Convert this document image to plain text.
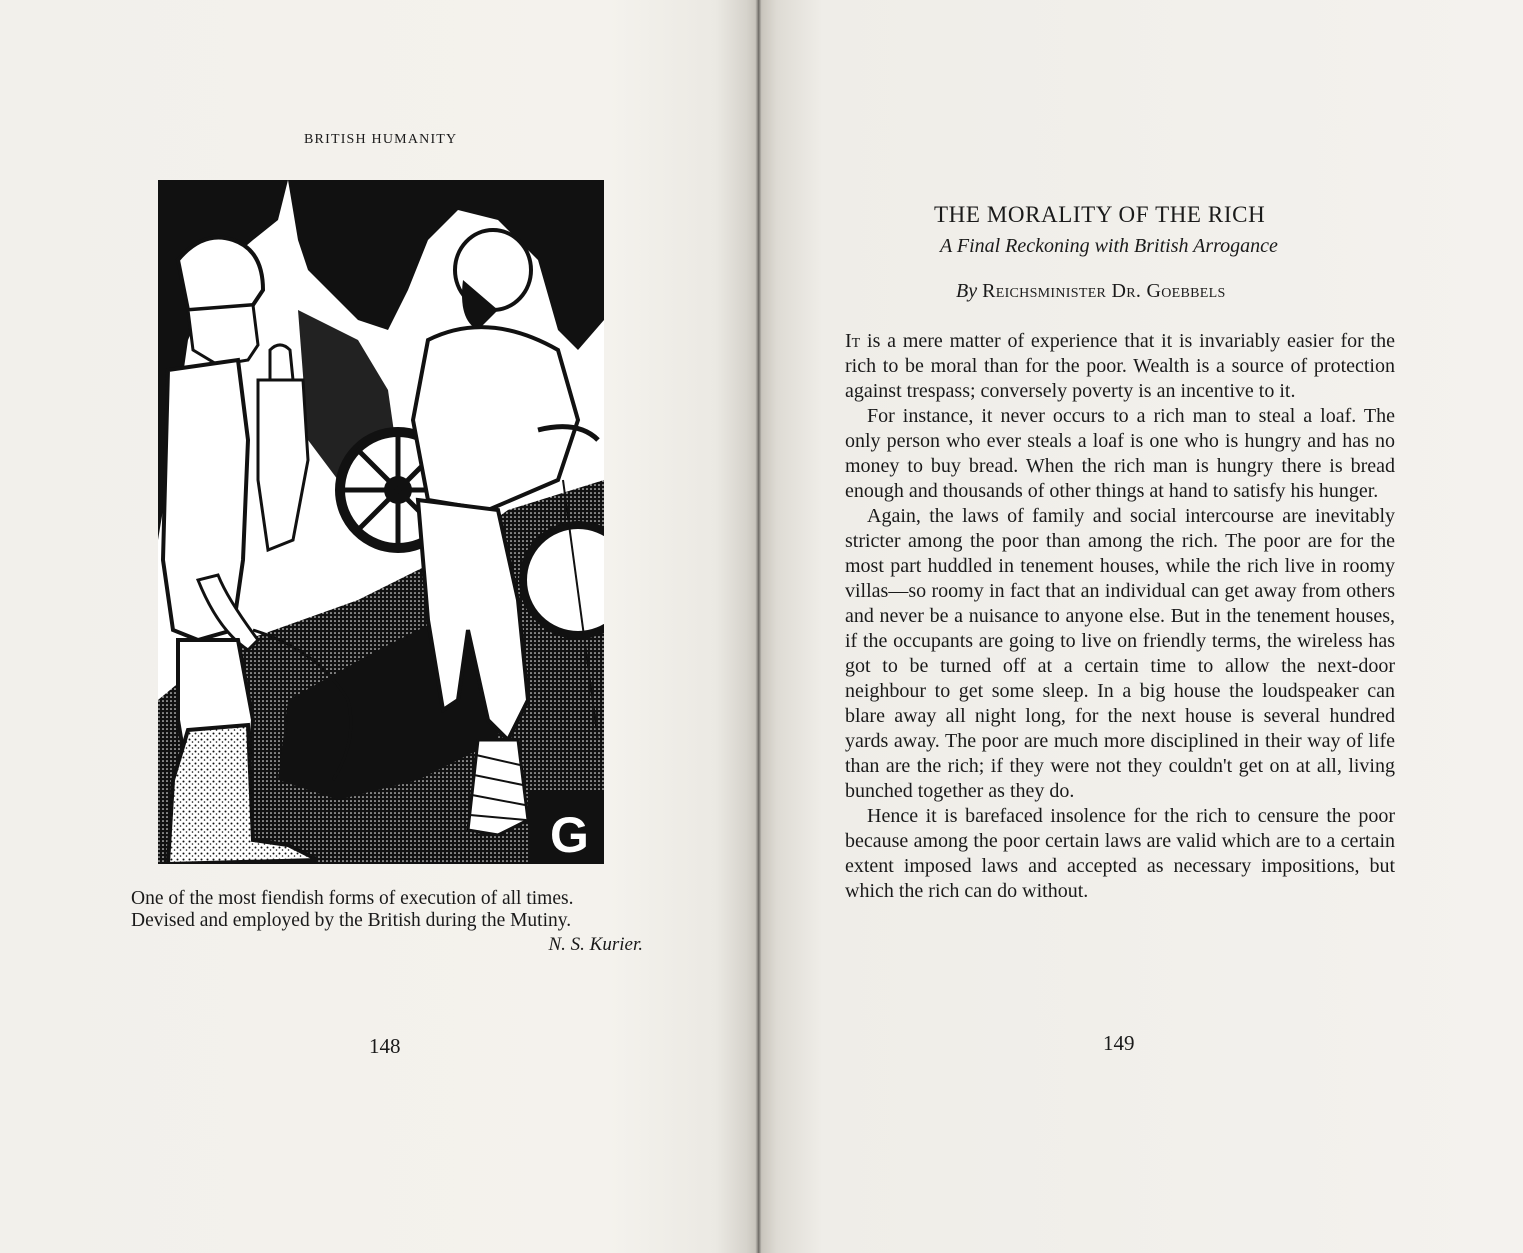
BRITISH HUMANITY
G
One of the most fiendish forms of execution of all times.
Devised and employed by the British during the Mutiny.
N. S. Kurier.
148
THE MORALITY OF THE RICH
A Final Reckoning with British Arrogance
By Reichsminister Dr. Goebbels

It is a mere matter of experience that it is invariably easier for the rich to be moral than for the poor. Wealth is a source of protection against trespass; conversely poverty is an incentive to it.

For instance, it never occurs to a rich man to steal a loaf. The only person who ever steals a loaf is one who is hungry and has no money to buy bread. When the rich man is hungry there is bread enough and thousands of other things at hand to satisfy his hunger.

Again, the laws of family and social intercourse are inevitably stricter among the poor than among the rich. The poor are for the most part huddled in tenement houses, while the rich live in roomy villas—so roomy in fact that an individual can get away from others and never be a nuisance to anyone else. But in the tenement houses, if the occupants are going to live on friendly terms, the wireless has got to be turned off at a certain time to allow the next-door neighbour to get some sleep. In a big house the loudspeaker can blare away all night long, for the next house is several hundred yards away. The poor are much more disciplined in their way of life than are the rich; if they were not they couldn't get on at all, living bunched together as they do.

Hence it is barefaced insolence for the rich to censure the poor because among the poor certain laws are valid which are to a certain extent imposed laws and accepted as necessary impositions, but which the rich can do without.

149
